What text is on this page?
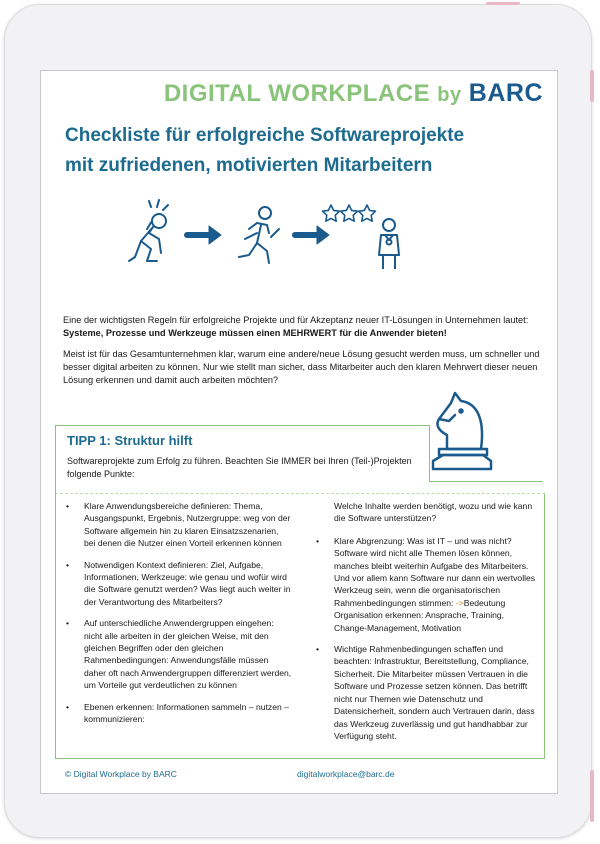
DIGITAL WORKPLACE by BARC
Checkliste für erfolgreiche Softwareprojekte
mit zufriedenen, motivierten Mitarbeitern

Eine der wichtigsten Regeln für erfolgreiche Projekte und für Akzeptanz neuer IT-Lösungen in Unternehmen lautet: Systeme, Prozesse und Werkzeuge müssen einen MEHRWERT für die Anwender bieten!

Meist ist für das Gesamtunternehmen klar, warum eine andere/neue Lösung gesucht werden muss, um schneller und besser digital arbeiten zu können. Nur wie stellt man sicher, dass Mitarbeiter auch den klaren Mehrwert dieser neuen Lösung erkennen und damit auch arbeiten möchten?

TIPP 1: Struktur hilft
Softwareprojekte zum Erfolg zu führen. Beachten Sie IMMER bei Ihren (Teil-)Projekten folgende Punkte:
• Klare Anwendungsbereiche definieren: Thema, Ausgangspunkt, Ergebnis, Nutzergruppe: weg von der Software allgemein hin zu klaren Einsatzszenarien, bei denen die Nutzer einen Vorteil erkennen können
• Notwendigen Kontext definieren: Ziel, Aufgabe, Informationen, Werkzeuge: wie genau und wofür wird die Software genutzt werden? Was liegt auch weiter in der Verantwortung des Mitarbeiters?
• Auf unterschiedliche Anwendergruppen eingehen: nicht alle arbeiten in der gleichen Weise, mit den gleichen Begriffen oder den gleichen Rahmenbedingungen: Anwendungsfälle müssen daher oft nach Anwendergruppen differenziert werden, um Vorteile gut verdeutlichen zu können
• Ebenen erkennen: Informationen sammeln – nutzen – kommunizieren:
Welche Inhalte werden benötigt, wozu und wie kann die Software unterstützen?
• Klare Abgrenzung: Was ist IT – und was nicht? Software wird nicht alle Themen lösen können, manches bleibt weiterhin Aufgabe des Mitarbeiters. Und vor allem kann Software nur dann ein wertvolles Werkzeug sein, wenn die organisatorischen Rahmenbedingungen stimmen: ->Bedeutung Organisation erkennen: Ansprache, Training, Change-Management, Motivation
• Wichtige Rahmenbedingungen schaffen und beachten: Infrastruktur, Bereitstellung, Compliance, Sicherheit. Die Mitarbeiter müssen Vertrauen in die Software und Prozesse setzen können. Das betrifft nicht nur Themen wie Datenschutz und Datensicherheit, sondern auch Vertrauen darin, dass das Werkzeug zuverlässig und gut handhabbar zur Verfügung steht.
© Digital Workplace by BARC	digitalworkplace@barc.de
